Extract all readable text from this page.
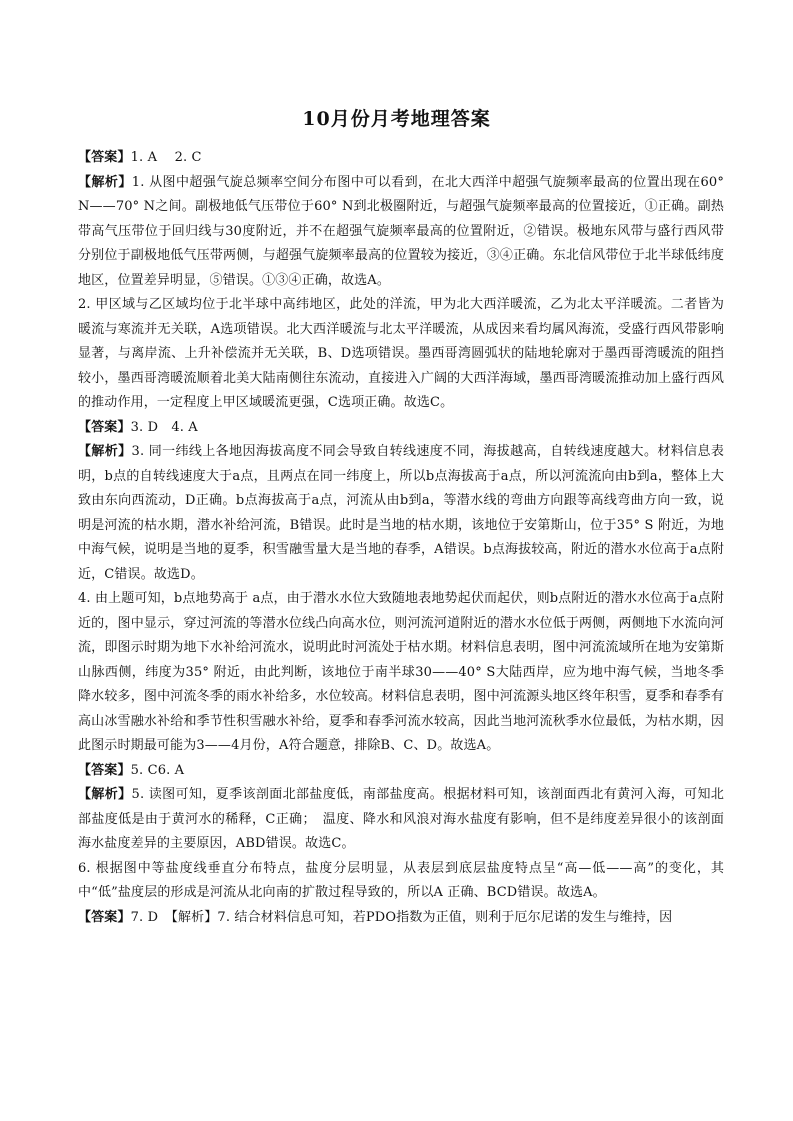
10月份月考地理答案

【答案】1. A　 2. C

【解析】1. 从图中超强气旋总频率空间分布图中可以看到，在北大西洋中超强气旋频率最高的位置出现在60° N——70° N之间。副极地低气压带位于60° N到北极圈附近，与超强气旋频率最高的位置接近，①正确。副热带高气压带位于回归线与30度附近，并不在超强气旋频率最高的位置附近，②错误。极地东风带与盛行西风带分别位于副极地低气压带两侧，与超强气旋频率最高的位置较为接近，③④正确。东北信风带位于北半球低纬度地区，位置差异明显，⑤错误。①③④正确，故选A。

2. 甲区域与乙区域均位于北半球中高纬地区，此处的洋流，甲为北大西洋暖流，乙为北太平洋暖流。二者皆为暖流与寒流并无关联，A选项错误。北大西洋暖流与北太平洋暖流，从成因来看均属风海流，受盛行西风带影响显著，与离岸流、上升补偿流并无关联，B、D选项错误。墨西哥湾圆弧状的陆地轮廓对于墨西哥湾暖流的阻挡较小，墨西哥湾暖流顺着北美大陆南侧往东流动，直接进入广阔的大西洋海域，墨西哥湾暖流推动加上盛行西风的推动作用，一定程度上甲区域暖流更强，C选项正确。故选C。

【答案】3. D　4. A

【解析】3. 同一纬线上各地因海拔高度不同会导致自转线速度不同，海拔越高，自转线速度越大。材料信息表明，b点的自转线速度大于a点，且两点在同一纬度上，所以b点海拔高于a点，所以河流流向由b到a，整体上大致由东向西流动，D正确。b点海拔高于a点，河流从由b到a，等潜水线的弯曲方向跟等高线弯曲方向一致，说明是河流的枯水期，潜水补给河流，B错误。此时是当地的枯水期，该地位于安第斯山，位于35° S 附近，为地中海气候，说明是当地的夏季，积雪融雪量大是当地的春季，A错误。b点海拔较高，附近的潜水水位高于a点附近，C错误。故选D。

4. 由上题可知，b点地势高于 a点，由于潜水水位大致随地表地势起伏而起伏，则b点附近的潜水水位高于a点附近的，图中显示，穿过河流的等潜水位线凸向高水位，则河流河道附近的潜水水位低于两侧，两侧地下水流向河流，即图示时期为地下水补给河流水，说明此时河流处于枯水期。材料信息表明，图中河流流域所在地为安第斯山脉西侧，纬度为35° 附近，由此判断，该地位于南半球30——40° S大陆西岸，应为地中海气候，当地冬季降水较多，图中河流冬季的雨水补给多，水位较高。材料信息表明，图中河流源头地区终年积雪，夏季和春季有高山冰雪融水补给和季节性积雪融水补给，夏季和春季河流水较高，因此当地河流秋季水位最低，为枯水期，因此图示时期最可能为3——4月份，A符合题意，排除B、C、D。故选A。

【答案】5. C6. A

【解析】5. 读图可知，夏季该剖面北部盐度低，南部盐度高。根据材料可知，该剖面西北有黄河入海，可知北部盐度低是由于黄河水的稀释，C正确；　温度、降水和风浪对海水盐度有影响，但不是纬度差异很小的该剖面海水盐度差异的主要原因，ABD错误。故选C。

6. 根据图中等盐度线垂直分布特点，盐度分层明显，从表层到底层盐度特点呈“高—低——高”的变化，其中“低”盐度层的形成是河流从北向南的扩散过程导致的，所以A 正确、BCD错误。故选A。

【答案】7. D　【解析】7. 结合材料信息可知，若PDO指数为正值，则利于厄尔尼诺的发生与维持，因
